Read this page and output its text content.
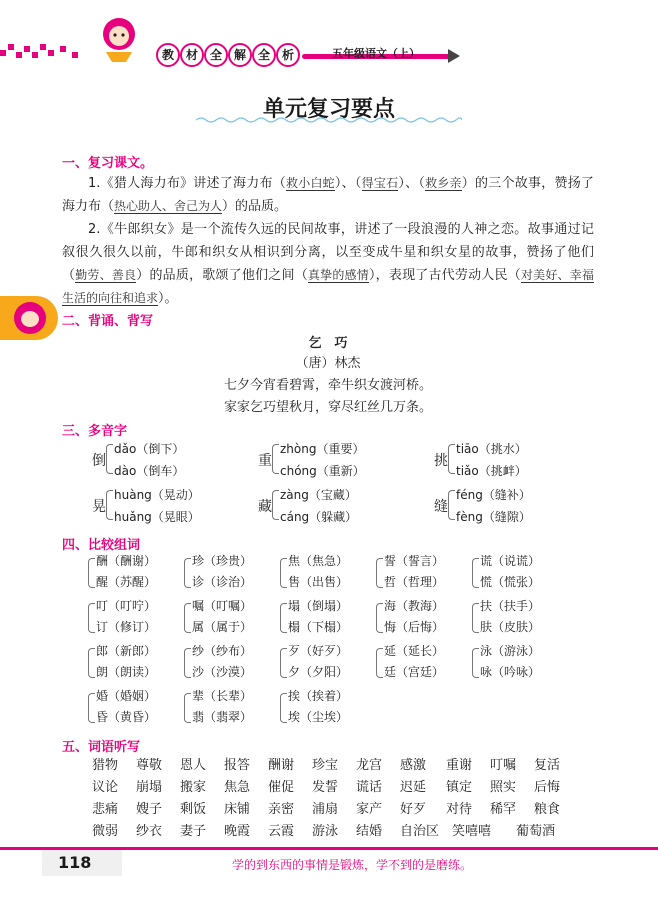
教 材 全 解 全 析	五年级语文（上）
单元复习要点
一、复习课文。
1.《猎人海力布》讲述了海力布（救小白蛇）、（得宝石）、（救乡亲）的三个故事，赞扬了海力布（热心助人、舍己为人）的品质。
2.《牛郎织女》是一个流传久远的民间故事，讲述了一段浪漫的人神之恋。故事通过记叙很久很久以前，牛郎和织女从相识到分离，以至变成牛星和织女星的故事，赞扬了他们（勤劳、善良）的品质，歌颂了他们之间（真挚的感情），表现了古代劳动人民（对美好、幸福生活的向往和追求）。
二、背诵、背写
乞　巧
（唐）林杰
七夕今宵看碧霄，牵牛织女渡河桥。
家家乞巧望秋月，穿尽红丝几万条。
三、多音字
倒
dǎo（倒下）
dào（倒车）
重
zhòng（重要）
chóng（重新）
挑
tiāo（挑水）
tiǎo（挑衅）
晃
huàng（晃动）
huǎng（晃眼）
藏
zàng（宝藏）
cáng（躲藏）
缝
féng（缝补）
fèng（缝隙）
四、比较组词
酬（酬谢）
醒（苏醒）
珍（珍贵）
诊（诊治）
焦（焦急）
售（出售）
誓（誓言）
哲（哲理）
谎（说谎）
慌（慌张）
叮（叮咛）
订（修订）
嘱（叮嘱）
属（属于）
塌（倒塌）
榻（下榻）
海（教海）
悔（后悔）
扶（扶手）
肤（皮肤）
郎（新郎）
朗（朗读）
纱（纱布）
沙（沙漠）
歹（好歹）
夕（夕阳）
延（延长）
廷（宫廷）
泳（游泳）
咏（吟咏）
婚（婚姻）
昏（黄昏）
辈（长辈）
翡（翡翠）
挨（挨着）
埃（尘埃）
五、词语听写
猎物 尊敬 恩人 报答 酬谢 珍宝 龙宫 感激 重谢 叮嘱 复活
议论 崩塌 搬家 焦急 催促 发誓 谎话 迟延 镇定 照实 后悔
悲痛 嫂子 剩饭 床铺 亲密 浦扇 家产 好歹 对待 稀罕 粮食
微弱 纱衣 妻子 晚霞 云霞 游泳 结婚 自治区 笑嘻嘻 葡萄酒
118	学的到东西的事情是锻炼，学不到的是磨练。
